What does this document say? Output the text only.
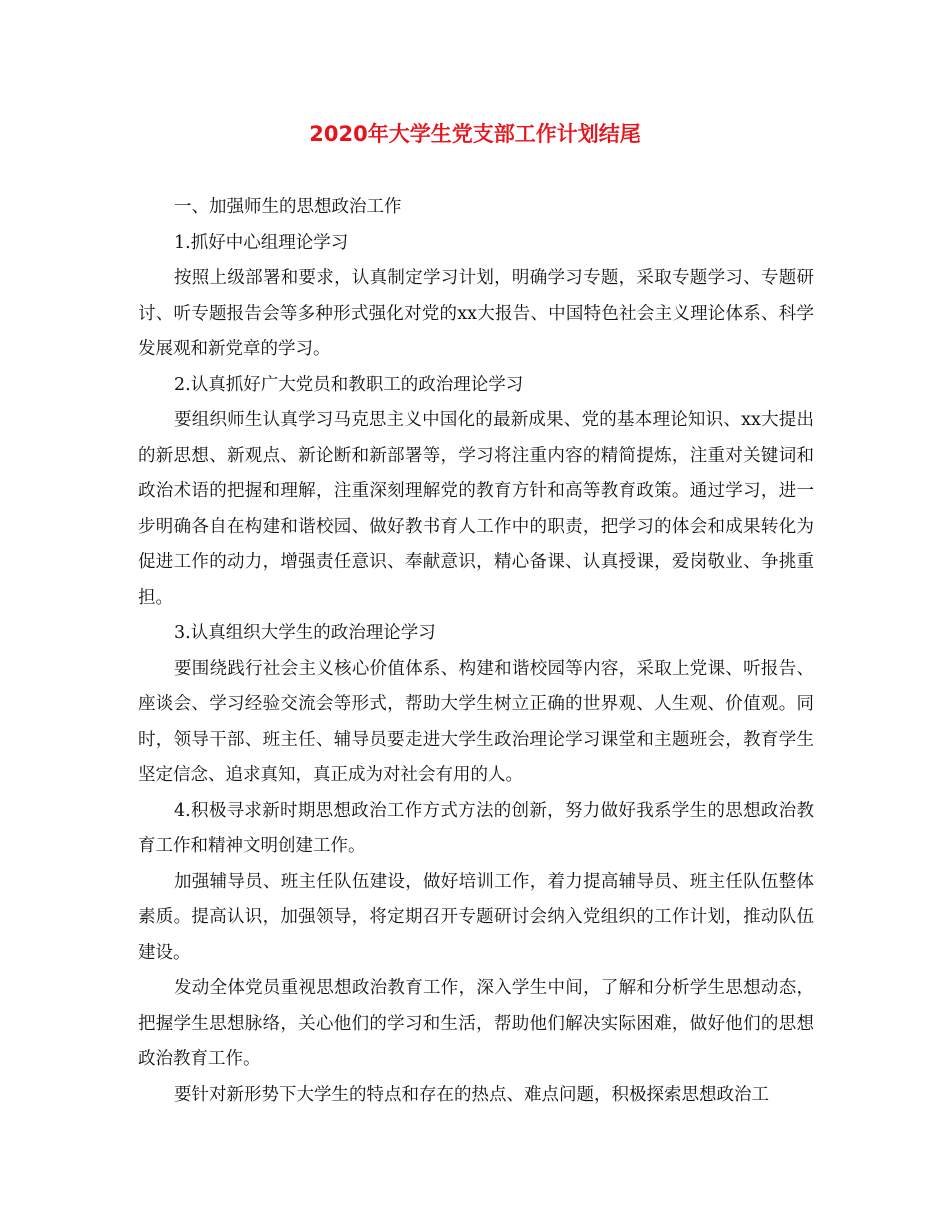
2020年大学生党支部工作计划结尾

一、加强师生的思想政治工作

1.抓好中心组理论学习

按照上级部署和要求，认真制定学习计划，明确学习专题，采取专题学习、专题研讨、听专题报告会等多种形式强化对党的xx大报告、中国特色社会主义理论体系、科学发展观和新党章的学习。

2.认真抓好广大党员和教职工的政治理论学习

要组织师生认真学习马克思主义中国化的最新成果、党的基本理论知识、xx大提出的新思想、新观点、新论断和新部署等，学习将注重内容的精简提炼，注重对关键词和政治术语的把握和理解，注重深刻理解党的教育方针和高等教育政策。通过学习，进一步明确各自在构建和谐校园、做好教书育人工作中的职责，把学习的体会和成果转化为促进工作的动力，增强责任意识、奉献意识，精心备课、认真授课，爱岗敬业、争挑重担。

3.认真组织大学生的政治理论学习

要围绕践行社会主义核心价值体系、构建和谐校园等内容，采取上党课、听报告、座谈会、学习经验交流会等形式，帮助大学生树立正确的世界观、人生观、价值观。同时，领导干部、班主任、辅导员要走进大学生政治理论学习课堂和主题班会，教育学生坚定信念、追求真知，真正成为对社会有用的人。

4.积极寻求新时期思想政治工作方式方法的创新，努力做好我系学生的思想政治教育工作和精神文明创建工作。

加强辅导员、班主任队伍建设，做好培训工作，着力提高辅导员、班主任队伍整体素质。提高认识，加强领导，将定期召开专题研讨会纳入党组织的工作计划，推动队伍建设。

发动全体党员重视思想政治教育工作，深入学生中间，了解和分析学生思想动态，把握学生思想脉络，关心他们的学习和生活，帮助他们解决实际困难，做好他们的思想政治教育工作。

要针对新形势下大学生的特点和存在的热点、难点问题，积极探索思想政治工
